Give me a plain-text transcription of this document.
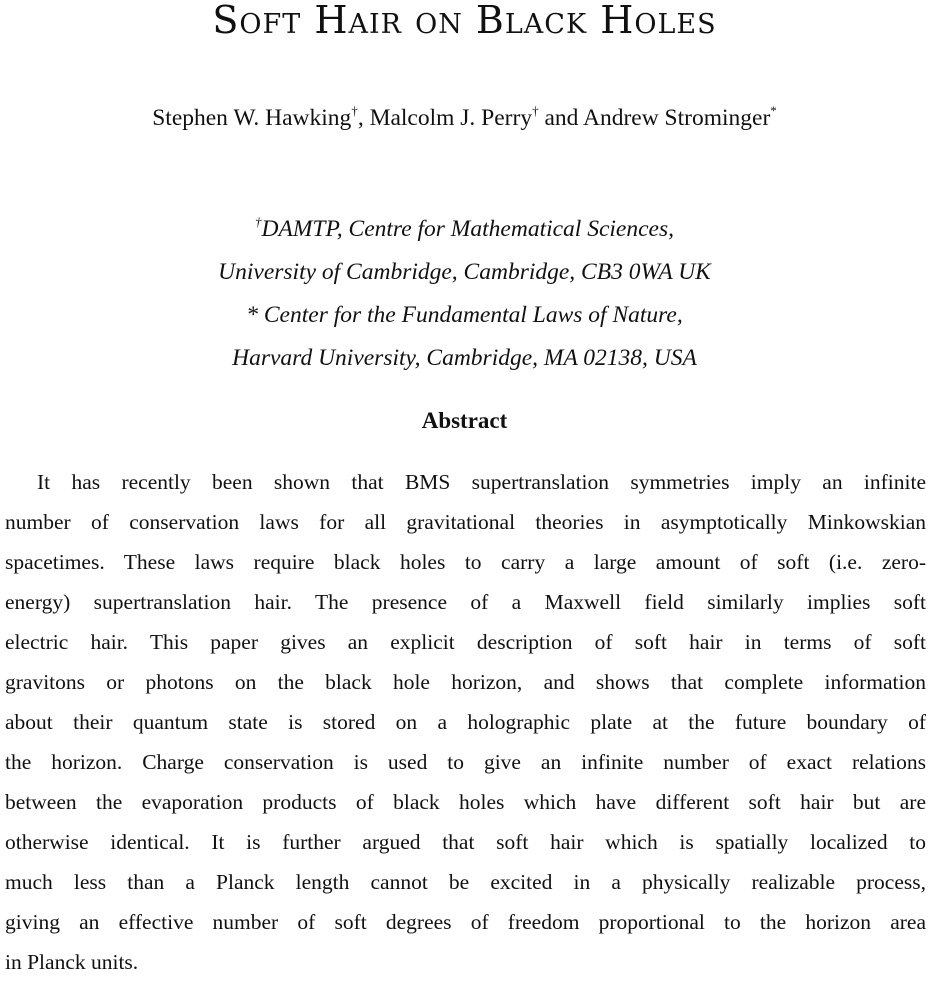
Soft Hair on Black Holes
Stephen W. Hawking†, Malcolm J. Perry† and Andrew Strominger*
†DAMTP, Centre for Mathematical Sciences,
University of Cambridge, Cambridge, CB3 0WA UK
* Center for the Fundamental Laws of Nature,
Harvard University, Cambridge, MA 02138, USA
Abstract
It has recently been shown that BMS supertranslation symmetries imply an infinite
number of conservation laws for all gravitational theories in asymptotically Minkowskian
spacetimes. These laws require black holes to carry a large amount of soft (i.e. zero-
energy) supertranslation hair. The presence of a Maxwell field similarly implies soft
electric hair. This paper gives an explicit description of soft hair in terms of soft
gravitons or photons on the black hole horizon, and shows that complete information
about their quantum state is stored on a holographic plate at the future boundary of
the horizon. Charge conservation is used to give an infinite number of exact relations
between the evaporation products of black holes which have different soft hair but are
otherwise identical. It is further argued that soft hair which is spatially localized to
much less than a Planck length cannot be excited in a physically realizable process,
giving an effective number of soft degrees of freedom proportional to the horizon area
in Planck units.
